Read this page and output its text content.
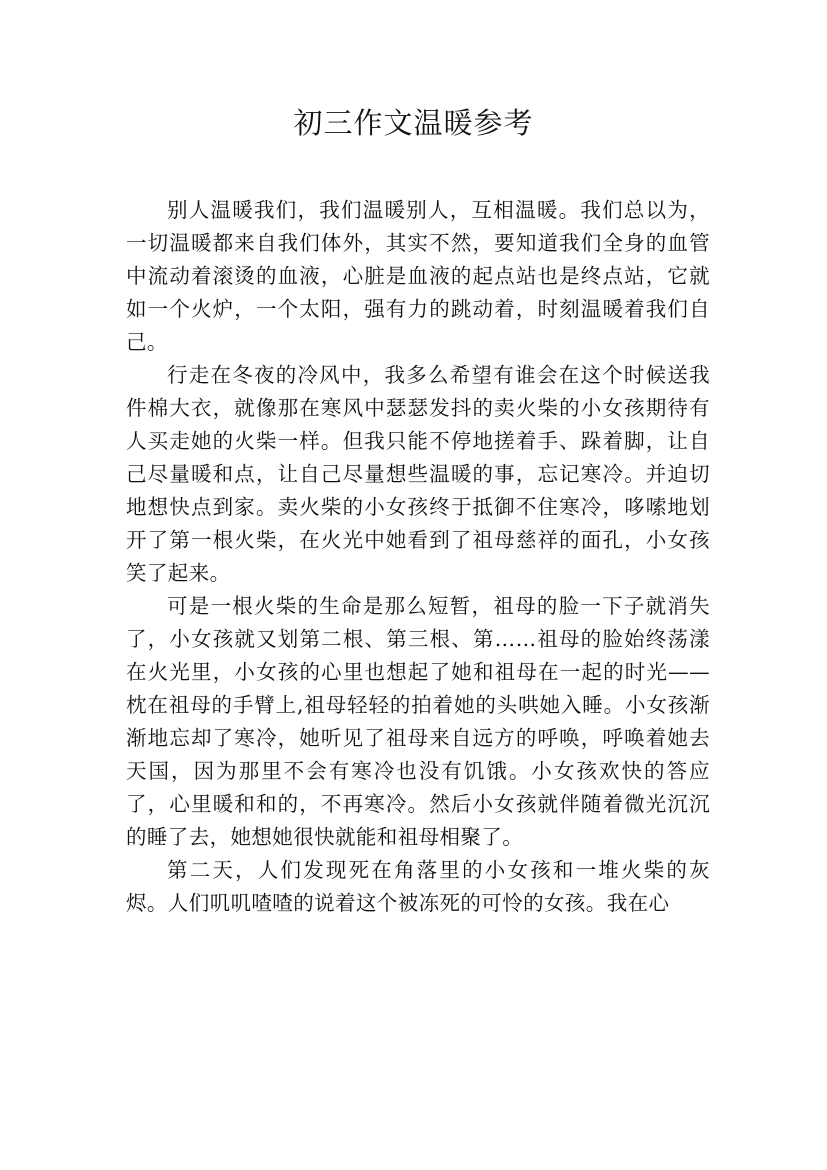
初三作文温暖参考

别人温暖我们，我们温暖别人，互相温暖。我们总以为，一切温暖都来自我们体外，其实不然，要知道我们全身的血管中流动着滚烫的血液，心脏是血液的起点站也是终点站，它就如一个火炉，一个太阳，强有力的跳动着，时刻温暖着我们自己。

行走在冬夜的冷风中，我多么希望有谁会在这个时候送我件棉大衣，就像那在寒风中瑟瑟发抖的卖火柴的小女孩期待有人买走她的火柴一样。但我只能不停地搓着手、跺着脚，让自己尽量暖和点，让自己尽量想些温暖的事，忘记寒冷。并迫切地想快点到家。卖火柴的小女孩终于抵御不住寒冷，哆嗦地划开了第一根火柴，在火光中她看到了祖母慈祥的面孔，小女孩笑了起来。

可是一根火柴的生命是那么短暂，祖母的脸一下子就消失了，小女孩就又划第二根、第三根、第……祖母的脸始终荡漾在火光里，小女孩的心里也想起了她和祖母在一起的时光——枕在祖母的手臂上,祖母轻轻的拍着她的头哄她入睡。小女孩渐渐地忘却了寒冷，她听见了祖母来自远方的呼唤，呼唤着她去天国，因为那里不会有寒冷也没有饥饿。小女孩欢快的答应了，心里暖和和的，不再寒冷。然后小女孩就伴随着微光沉沉的睡了去，她想她很快就能和祖母相聚了。

第二天，人们发现死在角落里的小女孩和一堆火柴的灰烬。人们叽叽喳喳的说着这个被冻死的可怜的女孩。我在心
